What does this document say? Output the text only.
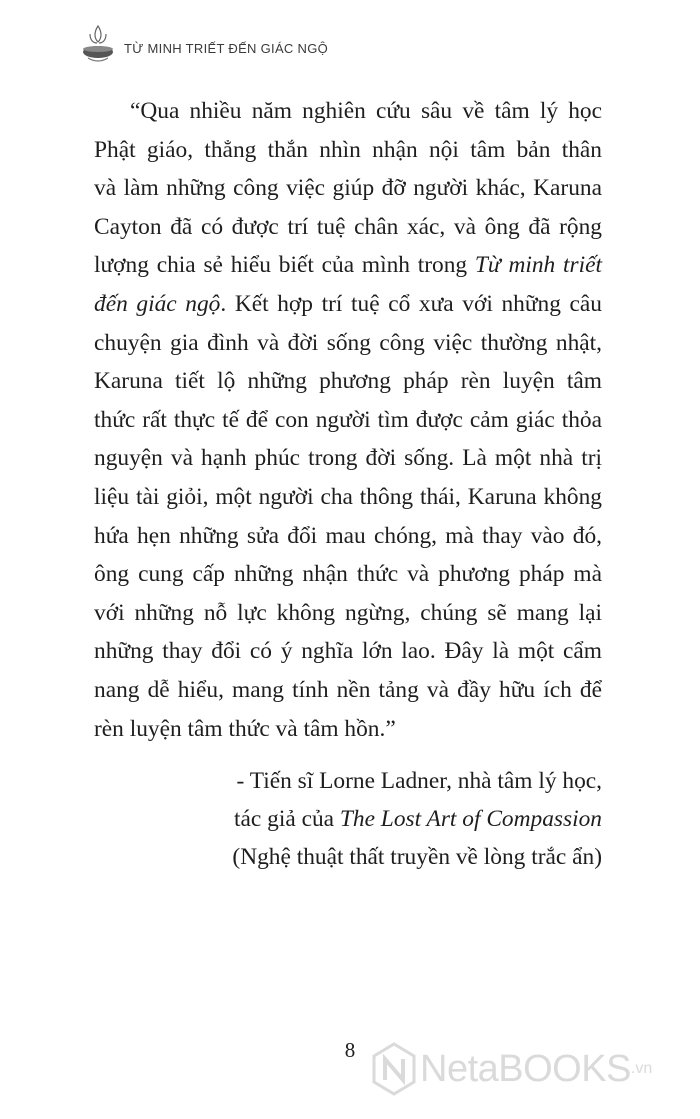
TỪ MINH TRIẾT ĐẾN GIÁC NGỘ
“Qua nhiều năm nghiên cứu sâu về tâm lý học
Phật giáo, thẳng thắn nhìn nhận nội tâm bản thân
và làm những công việc giúp đỡ người khác, Karuna
Cayton đã có được trí tuệ chân xác, và ông đã rộng
lượng chia sẻ hiểu biết của mình trong Từ minh triết
đến giác ngộ. Kết hợp trí tuệ cổ xưa với những câu
chuyện gia đình và đời sống công việc thường nhật,
Karuna tiết lộ những phương pháp rèn luyện tâm
thức rất thực tế để con người tìm được cảm giác thỏa
nguyện và hạnh phúc trong đời sống. Là một nhà trị
liệu tài giỏi, một người cha thông thái, Karuna không
hứa hẹn những sửa đổi mau chóng, mà thay vào đó,
ông cung cấp những nhận thức và phương pháp mà
với những nỗ lực không ngừng, chúng sẽ mang lại
những thay đổi có ý nghĩa lớn lao. Đây là một cẩm
nang dễ hiểu, mang tính nền tảng và đầy hữu ích để
rèn luyện tâm thức và tâm hồn.”
- Tiến sĩ Lorne Ladner, nhà tâm lý học,
tác giả của The Lost Art of Compassion
(Nghệ thuật thất truyền về lòng trắc ẩn)
8	NetaBOOKS .vn
